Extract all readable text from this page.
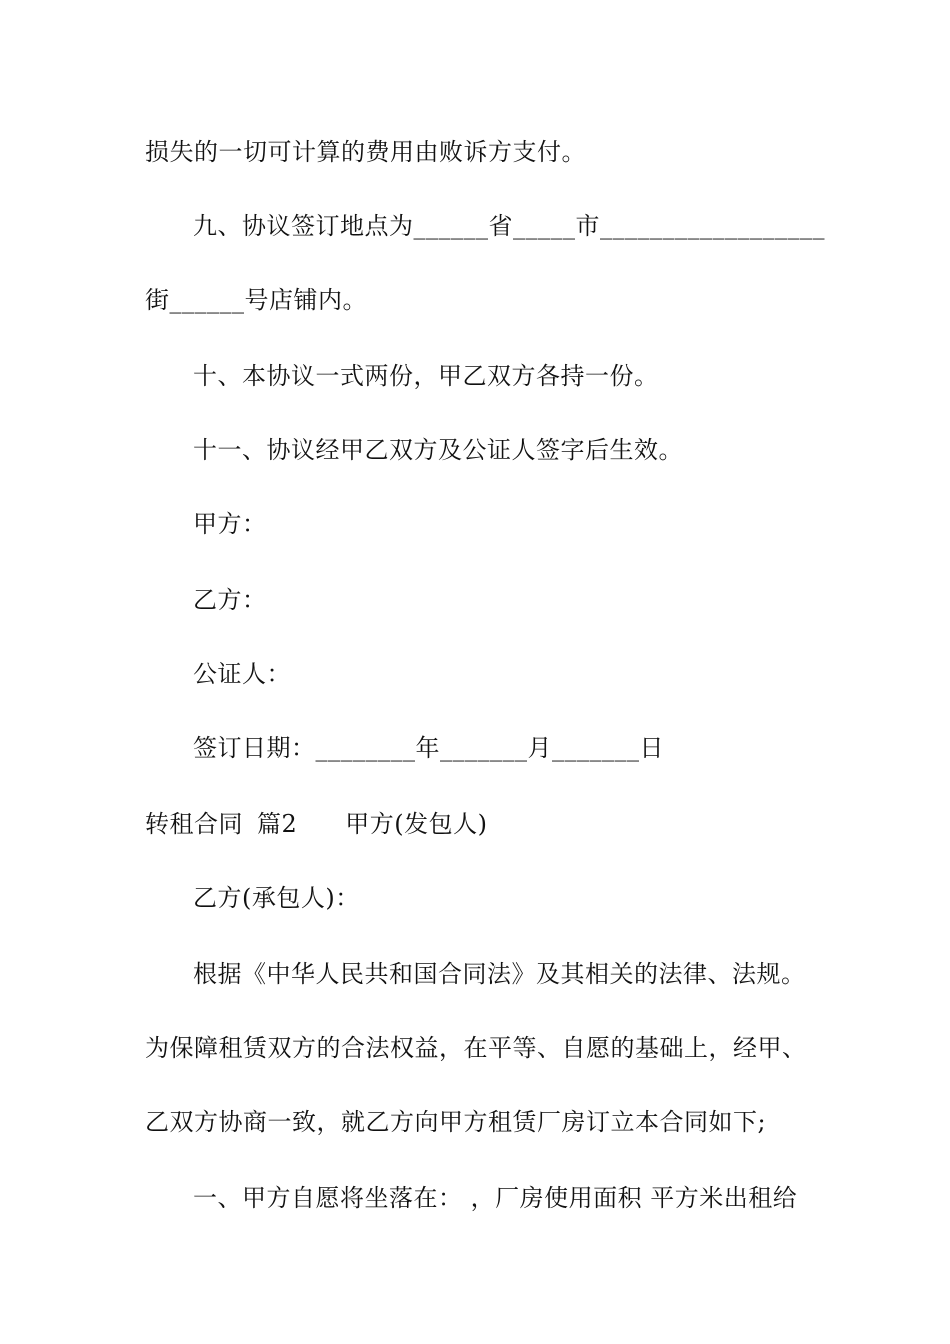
损失的一切可计算的费用由败诉方支付。
九、协议签订地点为______省_____市__________________
街______号店铺内。
十、本协议一式两份，甲乙双方各持一份。
十一、协议经甲乙双方及公证人签字后生效。
甲方：
乙方：
公证人：
签订日期：________年_______月_______日
转租合同 篇2 甲方(发包人)
乙方(承包人)：
根据《中华人民共和国合同法》及其相关的法律、法规。
为保障租赁双方的合法权益，在平等、自愿的基础上，经甲、
乙双方协商一致，就乙方向甲方租赁厂房订立本合同如下;
一、甲方自愿将坐落在： ，厂房使用面积 平方米出租给
